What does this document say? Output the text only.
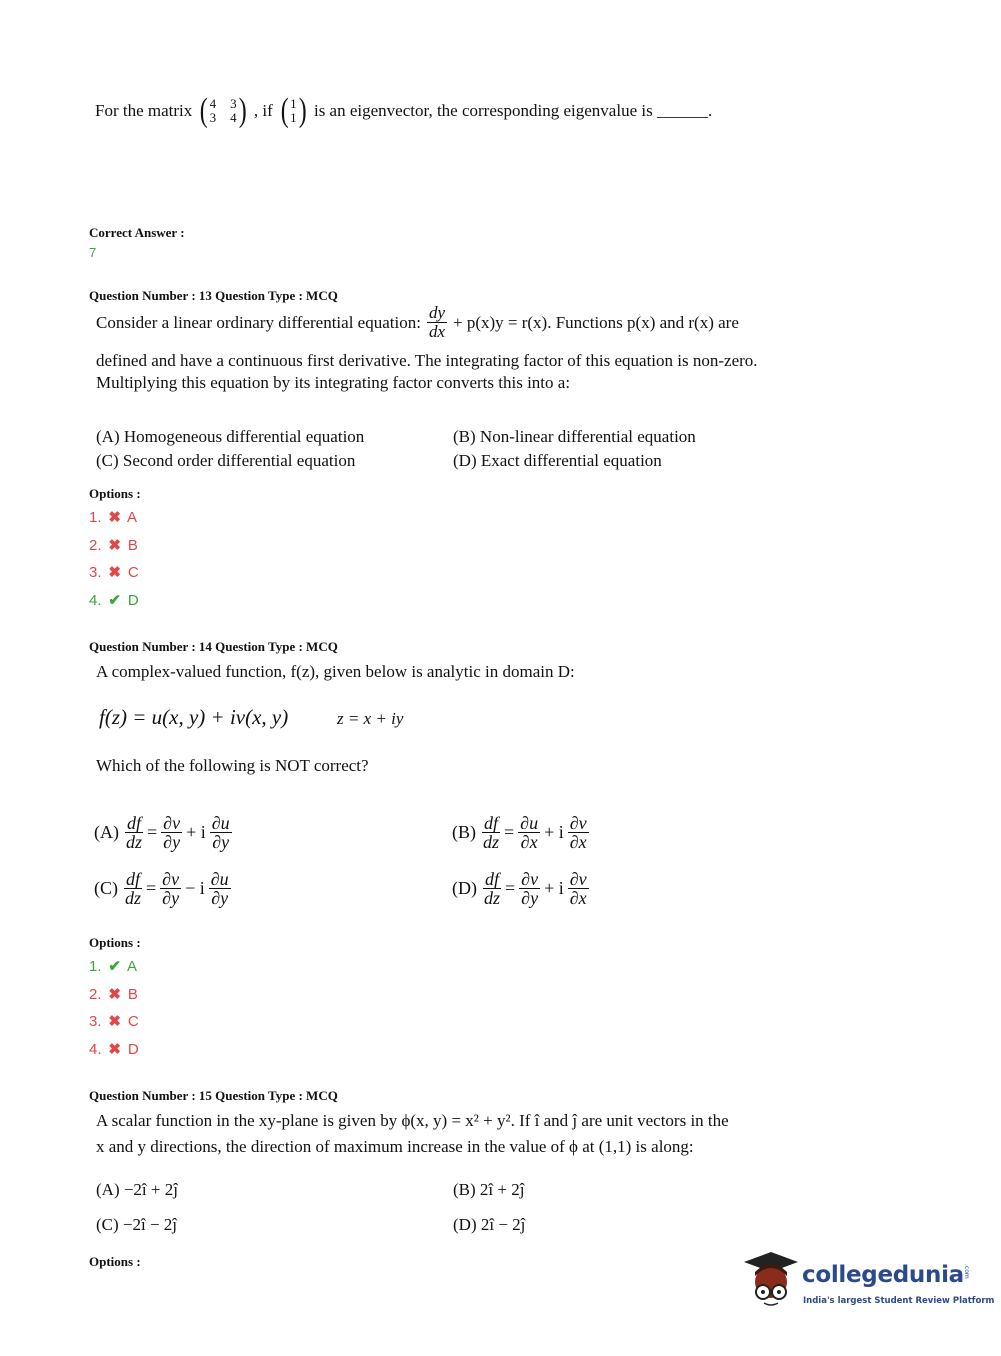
For the matrix ( 4 3
3 4 ) , if ( 1
1 ) is an eigenvector, the corresponding eigenvalue is ______.
Correct Answer :
7
Question Number : 13 Question Type : MCQ
Consider a linear ordinary differential equation: $\frac{dy}{dx} + p(x)y = r(x)$. Functions p(x) and r(x) are
defined and have a continuous first derivative. The integrating factor of this equation is non-zero.
Multiplying this equation by its integrating factor converts this into a:
(A) Homogeneous differential equation	(B) Non-linear differential equation
(C) Second order differential equation	(D) Exact differential equation
Options :
1. ✖ A
2. ✖ B
3. ✖ C
4. ✔ D
Question Number : 14 Question Type : MCQ
A complex-valued function, f(z), given below is analytic in domain D:
f(z) = u(x, y) + iv(x, y)	z = x + iy
Which of the following is NOT correct?
$(A) \frac{df}{dz} = \frac{\partial v}{\partial y} + i \frac{\partial u}{\partial y}$	$(B) \frac{df}{dz} = \frac{\partial u}{\partial x} + i \frac{\partial v}{\partial x}$
$(C) \frac{df}{dz} = \frac{\partial v}{\partial y} - i \frac{\partial u}{\partial y}$	$(D) \frac{df}{dz} = \frac{\partial v}{\partial y} + i \frac{\partial v}{\partial x}$
Options :
1. ✔ A
2. ✖ B
3. ✖ C
4. ✖ D
Question Number : 15 Question Type : MCQ
A scalar function in the xy-plane is given by ϕ(x, y) = x² + y². If î and ĵ are unit vectors in the
x and y directions, the direction of maximum increase in the value of ϕ at (1,1) is along:
(A) −2î + 2ĵ	(B) 2î + 2ĵ
(C) −2î − 2ĵ	(D) 2î − 2ĵ
Options :
collegedunia .com
India's largest Student Review Platform
